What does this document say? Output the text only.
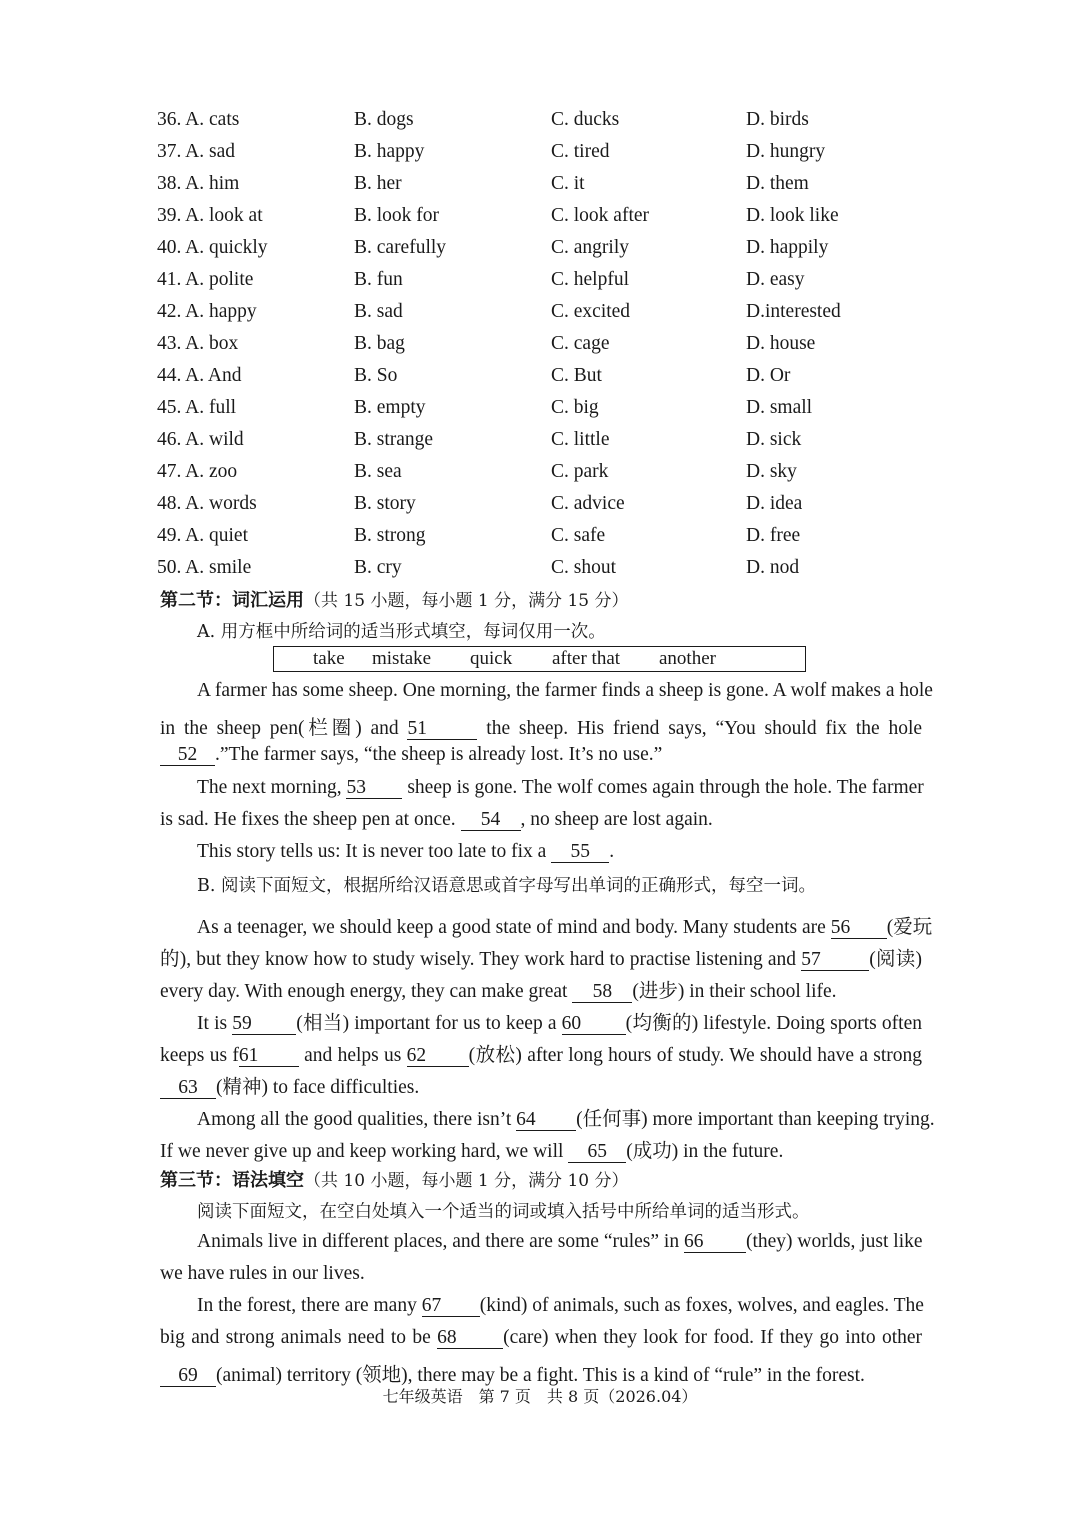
36. A. cats	B. dogs	C. ducks	D. birds
37. A. sad	B. happy	C. tired	D. hungry
38. A. him	B. her	C. it	D. them
39. A. look at	B. look for	C. look after	D. look like
40. A. quickly	B. carefully	C. angrily	D. happily
41. A. polite	B. fun	C. helpful	D. easy
42. A. happy	B. sad	C. excited	D.interested
43. A. box	B. bag	C. cage	D. house
44. A. And	B. So	C. But	D. Or
45. A. full	B. empty	C. big	D. small
46. A. wild	B. strange	C. little	D. sick
47. A. zoo	B. sea	C. park	D. sky
48. A. words	B. story	C. advice	D. idea
49. A. quiet	B. strong	C. safe	D. free
50. A. smile	B. cry	C. shout	D. nod
第二节：词汇运用（共 15 小题，每小题 1 分，满分 15 分）
A. 用方框中所给词的适当形式填空，每词仅用一次。
take mistake quick after that another
A farmer has some sheep. One morning, the farmer finds a sheep is gone. A wolf makes a hole
in the sheep pen(栏圈) and 51	the sheep. His friend says, “You should fix the hole
52 .”The farmer says, “the sheep is already lost. It’s no use.”
The next morning, 53 sheep is gone. The wolf comes again through the hole. The farmer
is sad. He fixes the sheep pen at once. 54 , no sheep are lost again.
This story tells us: It is never too late to fix a 55 .
B. 阅读下面短文，根据所给汉语意思或首字母写出单词的正确形式，每空一词。
As a teenager, we should keep a good state of mind and body. Many students are 56 (爱玩
的), but they know how to study wisely. They work hard to practise listening and 57 (阅读)
every day. With enough energy, they can make great 58 (进步) in their school life.
It is 59 (相当) important for us to keep a 60 (均衡的) lifestyle. Doing sports often
keeps us f61 and helps us 62 (放松) after long hours of study. We should have a strong
63 (精神) to face difficulties.
Among all the good qualities, there isn’t 64 (任何事) more important than keeping trying.
If we never give up and keep working hard, we will 65 (成功) in the future.
第三节：语法填空（共 10 小题，每小题 1 分，满分 10 分）
阅读下面短文，在空白处填入一个适当的词或填入括号中所给单词的适当形式。
Animals live in different places, and there are some “rules” in 66 (they) worlds, just like
we have rules in our lives.
In the forest, there are many 67 (kind) of animals, such as foxes, wolves, and eagles. The
big and strong animals need to be 68 (care) when they look for food. If they go into other
69 (animal) territory (领地), there may be a fight. This is a kind of “rule” in the forest.
七年级英语　第 7 页　共 8 页（2026.04）
